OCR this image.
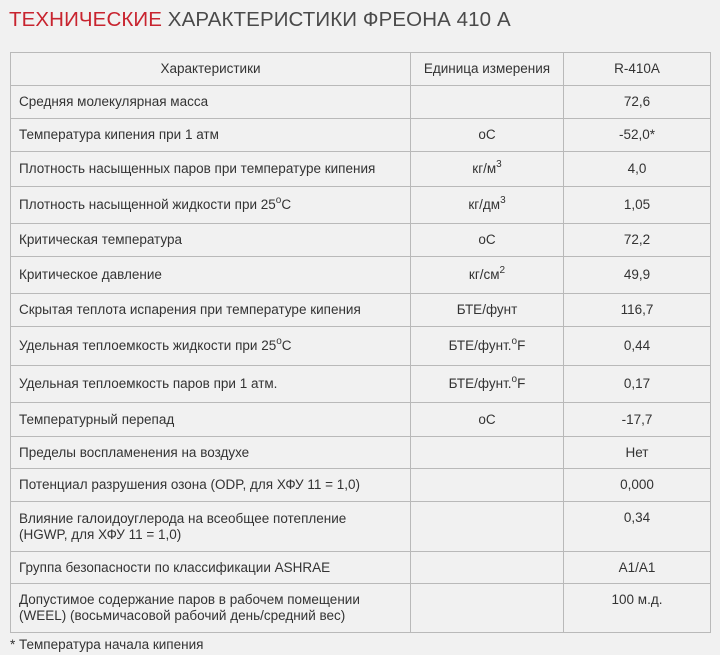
ТЕХНИЧЕСКИЕ ХАРАКТЕРИСТИКИ ФРЕОНА 410 А
Характеристики	Единица измерения	R-410A
Средняя молекулярная масса		72,6
Температура кипения при 1 атм	оС	-52,0*
Плотность насыщенных паров при температуре кипения	$кг/м^3$	4,0
Плотность насыщенной жидкости при $25^оС$	$кг/дм^3$	1,05
Критическая температура	оС	72,2
Критическое давление	$кг/см^2$	49,9
Скрытая теплота испарения при температуре кипения	БТЕ/фунт	116,7
Удельная теплоемкость жидкости при $25^оС$	БТЕ/фунт.$^о$F	0,44
Удельная теплоемкость паров при 1 атм.	БТЕ/фунт.$^о$F	0,17
Температурный перепад	оС	-17,7
Пределы воспламенения на воздухе		Нет
Потенциал разрушения озона (ODP, для ХФУ 11 = 1,0)		0,000
Влияние галоидоуглерода на всеобщее потепление
(HGWP, для ХФУ 11 = 1,0)		0,34
Группа безопасности по классификации ASHRAE		А1/А1
Допустимое содержание паров в рабочем помещении
(WEEL) (восьмичасовой рабочий день/средний вес)		100 м.д.
* Температура начала кипения
